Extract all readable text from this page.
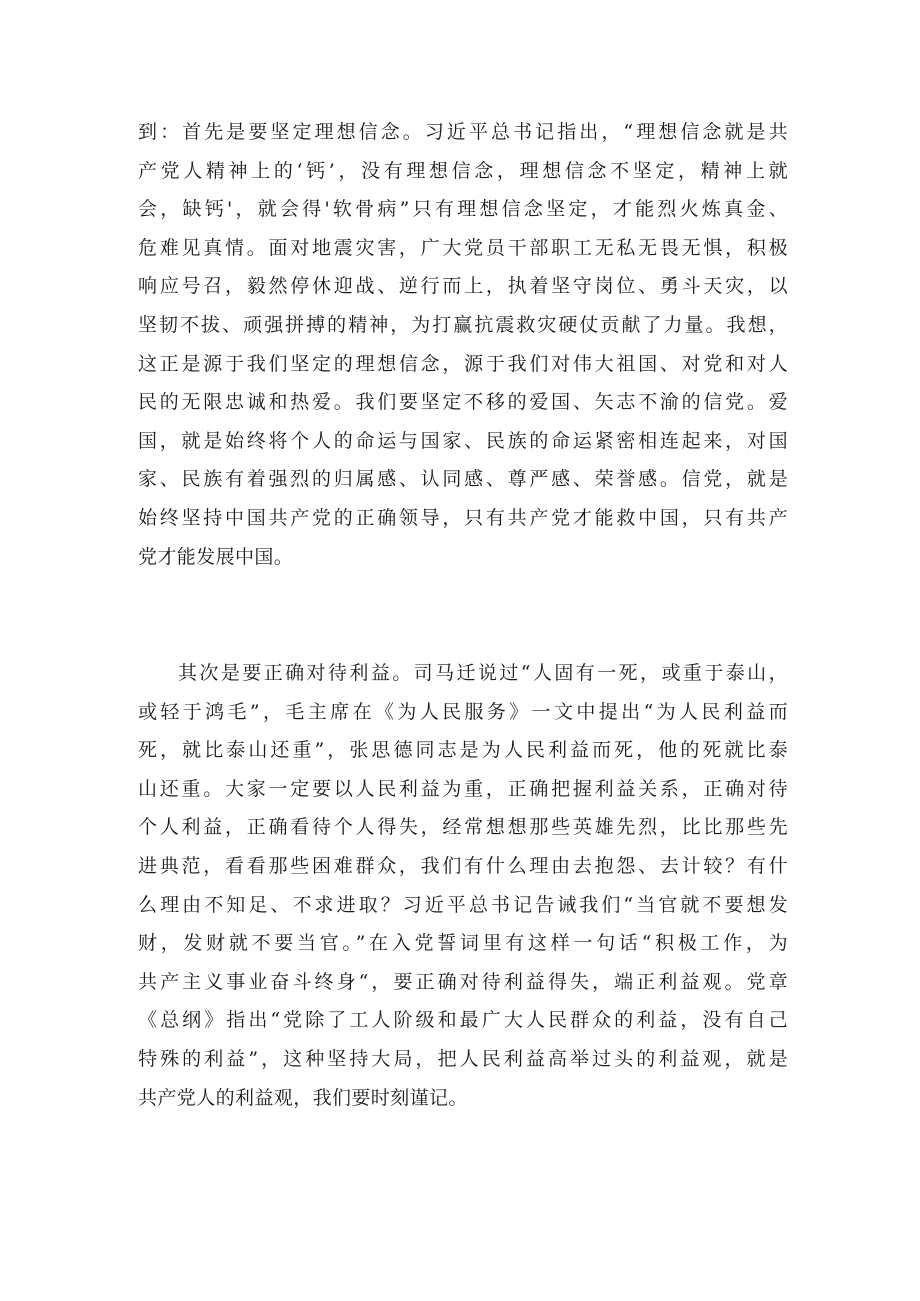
到：首先是要坚定理想信念。习近平总书记指出，“理想信念就是共
产党人精神上的‘钙’，没有理想信念，理想信念不坚定，精神上就
会，缺钙'，就会得'软骨病”只有理想信念坚定，才能烈火炼真金、
危难见真情。面对地震灾害，广大党员干部职工无私无畏无惧，积极
响应号召，毅然停休迎战、逆行而上，执着坚守岗位、勇斗天灾，以
坚韧不拔、顽强拼搏的精神，为打赢抗震救灾硬仗贡献了力量。我想，
这正是源于我们坚定的理想信念，源于我们对伟大祖国、对党和对人
民的无限忠诚和热爱。我们要坚定不移的爱国、矢志不渝的信党。爱
国，就是始终将个人的命运与国家、民族的命运紧密相连起来，对国
家、民族有着强烈的归属感、认同感、尊严感、荣誉感。信党，就是
始终坚持中国共产党的正确领导，只有共产党才能救中国，只有共产
党才能发展中国。
其次是要正确对待利益。司马迁说过“人固有一死，或重于泰山，
或轻于鸿毛”，毛主席在《为人民服务》一文中提出“为人民利益而
死，就比泰山还重”，张思德同志是为人民利益而死，他的死就比泰
山还重。大家一定要以人民利益为重，正确把握利益关系，正确对待
个人利益，正确看待个人得失，经常想想那些英雄先烈，比比那些先
进典范，看看那些困难群众，我们有什么理由去抱怨、去计较？有什
么理由不知足、不求进取？习近平总书记告诫我们“当官就不要想发
财，发财就不要当官。”在入党誓词里有这样一句话“积极工作，为
共产主义事业奋斗终身“，要正确对待利益得失，端正利益观。党章
《总纲》指出“党除了工人阶级和最广大人民群众的利益，没有自己
特殊的利益”，这种坚持大局，把人民利益高举过头的利益观，就是
共产党人的利益观，我们要时刻谨记。
